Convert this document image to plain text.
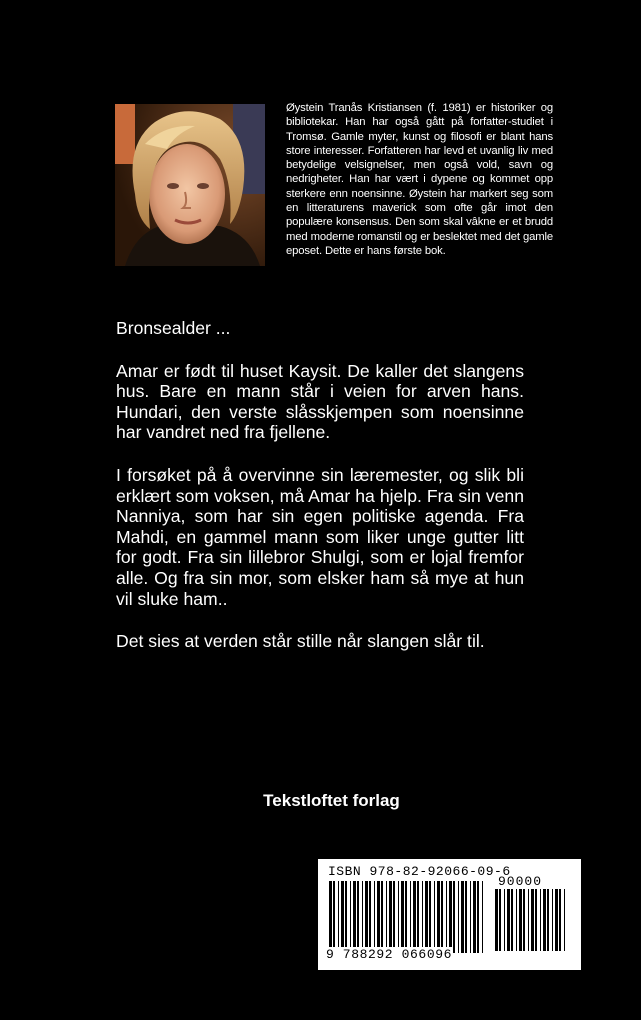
Øystein Tranås Kristiansen (f. 1981) er historiker og bibliotekar. Han har også gått på forfatter-studiet i Tromsø. Gamle myter, kunst og filosofi er blant hans store interesser. Forfatteren har levd et uvanlig liv med betydelige velsignelser, men også vold, savn og nedrigheter. Han har vært i dypene og kommet opp sterkere enn noensinne. Øystein har markert seg som en litteraturens maverick som ofte går imot den populære konsensus. Den som skal vâkne er et brudd med moderne romanstil og er beslektet med det gamle eposet. Dette er hans første bok.

Bronsealder ...

Amar er født til huset Kaysit. De kaller det slangens hus. Bare en mann står i veien for arven hans. Hundari, den verste slåsskjempen som noensinne har vandret ned fra fjellene.

I forsøket på å overvinne sin læremester, og slik bli erklært som voksen, må Amar ha hjelp. Fra sin venn Nanniya, som har sin egen politiske agenda. Fra Mahdi, en gammel mann som liker unge gutter litt for godt. Fra sin lillebror Shulgi, som er lojal fremfor alle. Og fra sin mor, som elsker ham så mye at hun vil sluke ham..

Det sies at verden står stille når slangen slår til.

Tekstloftet forlag
ISBN 978-82-92066-09-6
90000
9 788292 066096
